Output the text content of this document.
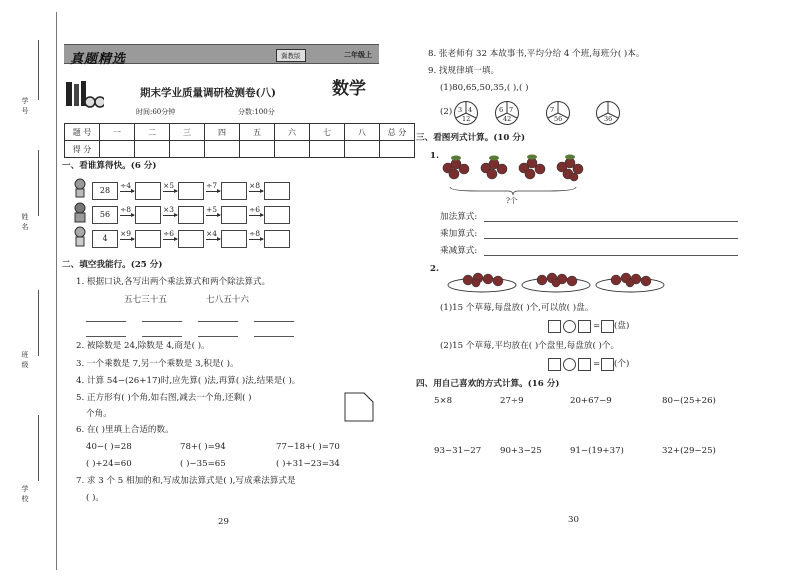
学号
姓名
班级
学校
真题精选	冀教版	二年级上
期末学业质量调研检测卷(八)	数学
时间:60分钟	分数:100分
题 号	一	二	三	四	五	六	七	八	总 分
得 分									
一、看谁算得快。(6 分)
28
÷4	×5	÷7	×8
56
÷8	×3	+5	÷6
4
×9	÷6	×4	÷8
二、填空我能行。(25 分)
1. 根据口诀,各写出两个乘法算式和两个除法算式。
五七三十五	七八五十六
2. 被除数是 24,除数是 4,商是( )。
3. 一个乘数是 7,另一个乘数是 3,积是( )。
4. 计算 54−(26+17)时,应先算( )法,再算( )法,结果是( )。
5. 正方形有( )个角,如右图,减去一个角,还剩( )
个角。
6. 在( )里填上合适的数。
40−( )=28	78+( )=94	77−18+( )=70
( )+24=60	( )−35=65	( )+31−23=34
7. 求 3 个 5 相加的和,写成加法算式是( ),写成乘法算式是
( )。
29
8. 张老师有 32 本故事书,平均分给 4 个班,每班分( )本。
9. 找规律填一填。
(1)80,65,50,35,( ),( )
(2) 3 4
12
6 7
42
7
56	36
三、看图列式计算。(10 分)
1.
?个
加法算式:
乘加算式:
乘减算式:
2.
(1)15 个草莓,每盘放( )个,可以放( )盘。
= (盘)
(2)15 个草莓,平均放在( )个盘里,每盘放( )个。
= (个)
四、用自己喜欢的方式计算。(16 分)
5×8	27÷9	20+67−9	80−(25+26)
93−31−27 90+3−25	91−(19+37)	32+(29−25)
30
